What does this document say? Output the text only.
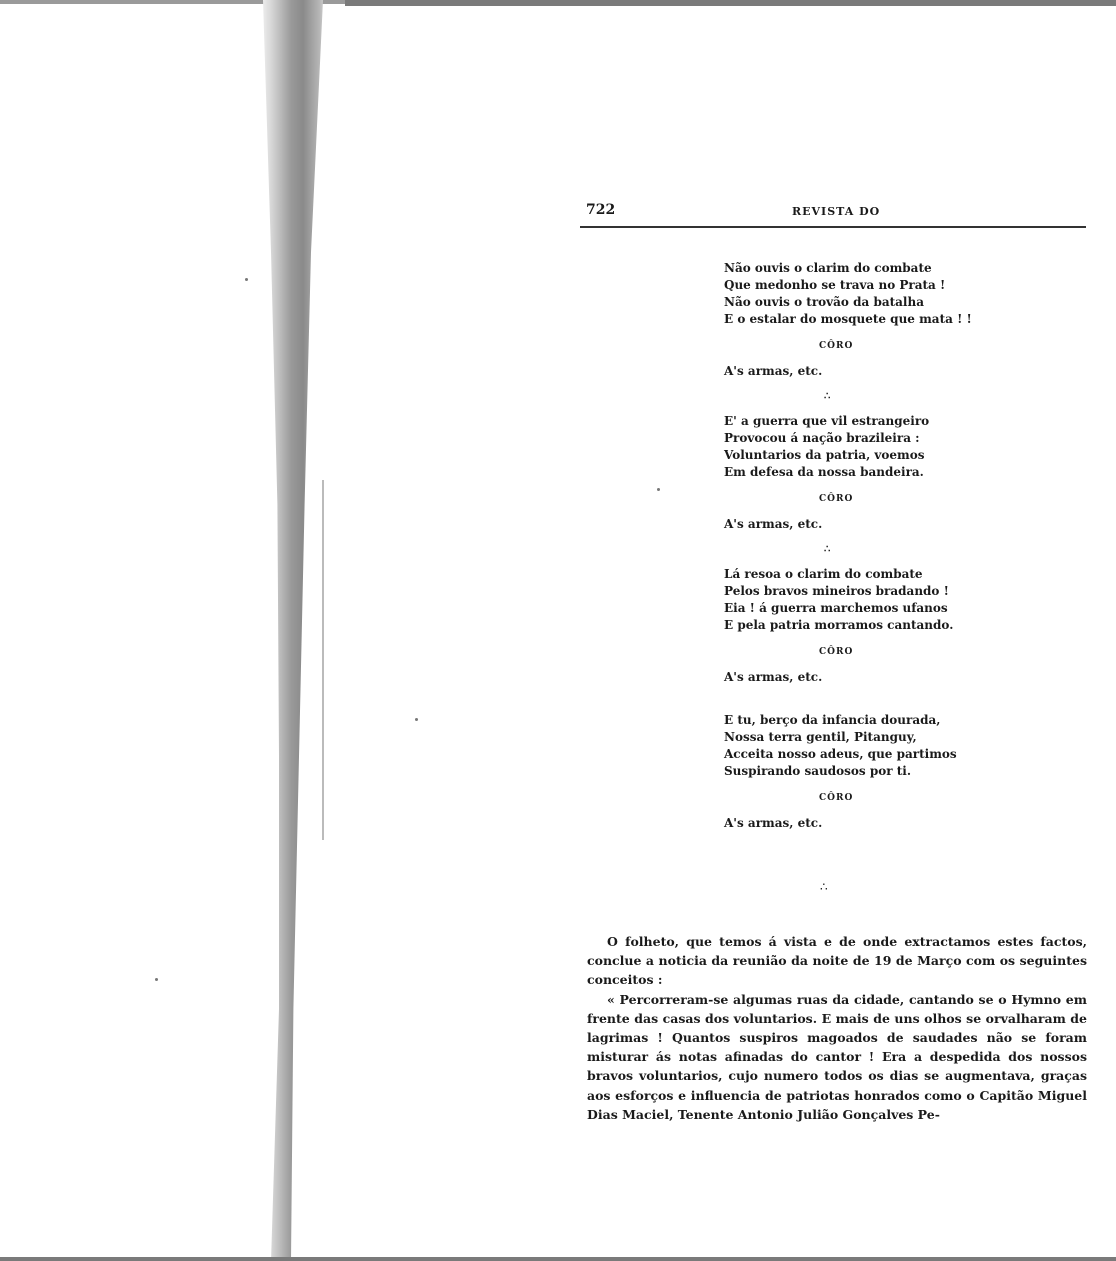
722	REVISTA DO
Não ouvis o clarim do combate
Que medonho se trava no Prata !
Não ouvis o trovão da batalha
E o estalar do mosquete que mata ! !
CÔRO
A's armas, etc.
∴
E' a guerra que vil estrangeiro
Provocou á nação brazileira :
Voluntarios da patria, voemos
Em defesa da nossa bandeira.
CÔRO
A's armas, etc.
∴
Lá resoa o clarim do combate
Pelos bravos mineiros bradando !
Eia ! á guerra marchemos ufanos
E pela patria morramos cantando.
CÔRO
A's armas, etc.
E tu, berço da infancia dourada,
Nossa terra gentil, Pitanguy,
Acceita nosso adeus, que partimos
Suspirando saudosos por ti.
CÔRO
A's armas, etc.
∴

O folheto, que temos á vista e de onde extractamos estes factos, conclue a noticia da reunião da noite de 19 de Março com os seguintes conceitos :

« Percorreram-se algumas ruas da cidade, cantando se o Hymno em frente das casas dos voluntarios. E mais de uns olhos se orvalharam de lagrimas ! Quantos suspiros magoados de saudades não se foram misturar ás notas afinadas do cantor ! Era a despedida dos nossos bravos voluntarios, cujo numero todos os dias se augmentava, graças aos esforços e influencia de patriotas honrados como o Capitão Miguel Dias Maciel, Tenente Antonio Julião Gonçalves Pe-
